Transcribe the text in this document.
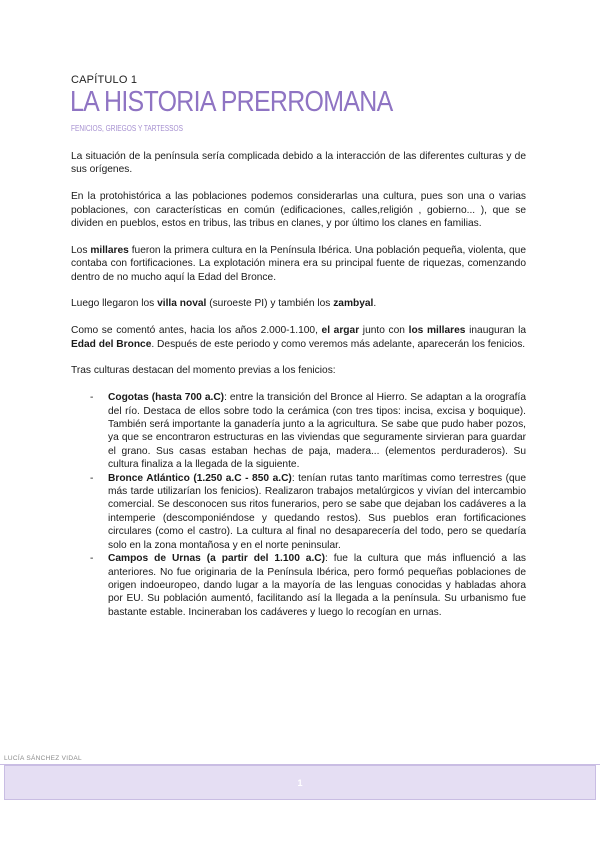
CAPÍTULO 1
LA HISTORIA PRERROMANA
FENICIOS, GRIEGOS Y TARTESSOS

La situación de la península sería complicada debido a la interacción de las diferentes culturas y de sus orígenes.

En la protohistórica a las poblaciones podemos considerarlas una cultura, pues son una o varias poblaciones, con características en común (edificaciones, calles,religión , gobierno... ), que se dividen en pueblos, estos en tribus, las tribus en clanes, y por último los clanes en familias.

Los millares fueron la primera cultura en la Península Ibérica. Una población pequeña, violenta, que contaba con fortificaciones. La explotación minera era su principal fuente de riquezas, comenzando dentro de no mucho aquí la Edad del Bronce.

Luego llegaron los villa noval (suroeste PI) y también los zambyal.

Como se comentó antes, hacia los años 2.000-1.100, el argar junto con los millares inauguran la Edad del Bronce. Después de este periodo y como veremos más adelante, aparecerán los fenicios.

Tras culturas destacan del momento previas a los fenicios:

- Cogotas (hasta 700 a.C): entre la transición del Bronce al Hierro. Se adaptan a la orografía del río. Destaca de ellos sobre todo la cerámica (con tres tipos: incisa, excisa y boquique). También será importante la ganadería junto a la agricultura. Se sabe que pudo haber pozos, ya que se encontraron estructuras en las viviendas que seguramente sirvieran para guardar el grano. Sus casas estaban hechas de paja, madera... (elementos perduraderos). Su cultura finaliza a la llegada de la siguiente.
- Bronce Atlántico (1.250 a.C - 850 a.C): tenían rutas tanto marítimas como terrestres (que más tarde utilizarían los fenicios). Realizaron trabajos metalúrgicos y vivían del intercambio comercial. Se desconocen sus ritos funerarios, pero se sabe que dejaban los cadáveres a la intemperie (descomponiéndose y quedando restos). Sus pueblos eran fortificaciones circulares (como el castro). La cultura al final no desaparecería del todo, pero se quedaría solo en la zona montañosa y en el norte peninsular.
- Campos de Urnas (a partir del 1.100 a.C): fue la cultura que más influenció a las anteriores. No fue originaria de la Península Ibérica, pero formó pequeñas poblaciones de origen indoeuropeo, dando lugar a la mayoría de las lenguas conocidas y habladas ahora por EU. Su población aumentó, facilitando así la llegada a la península. Su urbanismo fue bastante estable. Incineraban los cadáveres y luego lo recogían en urnas.
LUCÍA SÁNCHEZ VIDAL
1
